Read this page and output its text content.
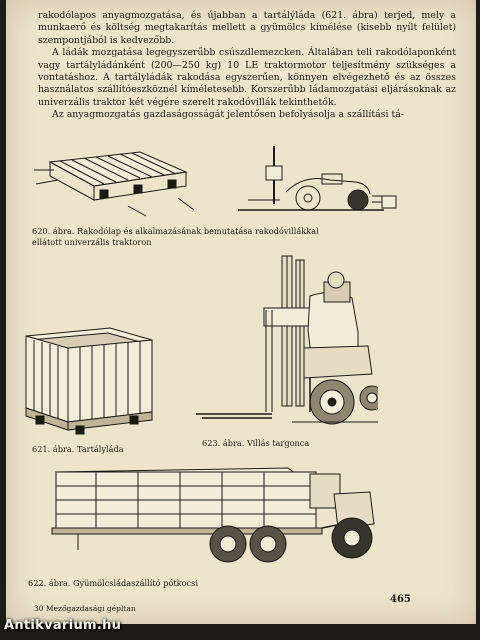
rakodólapos anyagmozgatása, és újabban a tartálýláda (621. ábra) terjed, mely a munkaerő és költség megtakarítás mellett a gyümölcs kímélése (kisebb nyílt felület) szempontjából is kedvezőbb.

A ládák mozgatása legegyszerűbb csúszdlemezcken. Általában teli rakodólaponként vagy tartályládánként (200—250 kg) 10 LE traktormotor teljesítmény szükséges a vontatáshoz. A tartályládák rakodása egyszerűen, könnyen elvégezhető és az összes használatos szállítóeszköznél kíméletesebb. Korszerűbb ládamozgatási eljárásoknak az univerzális traktor két végére szerelt rakodóvillák tekinthetők.

Az anyagmozgatás gazdaságosságát jelentősen befolyásolja a szállítási tá-

620. ábra. Rakodólap és alkalmazásának bemutatása rakodóvillákkal ellátott univerzális traktoron
621. ábra. Tartályláda
623. ábra. Villás targonca
622. ábra. Gyümölcsládaszállító pótkocsi
30 Mezőgazdasági gépltan
465
Antikvarium.hu
